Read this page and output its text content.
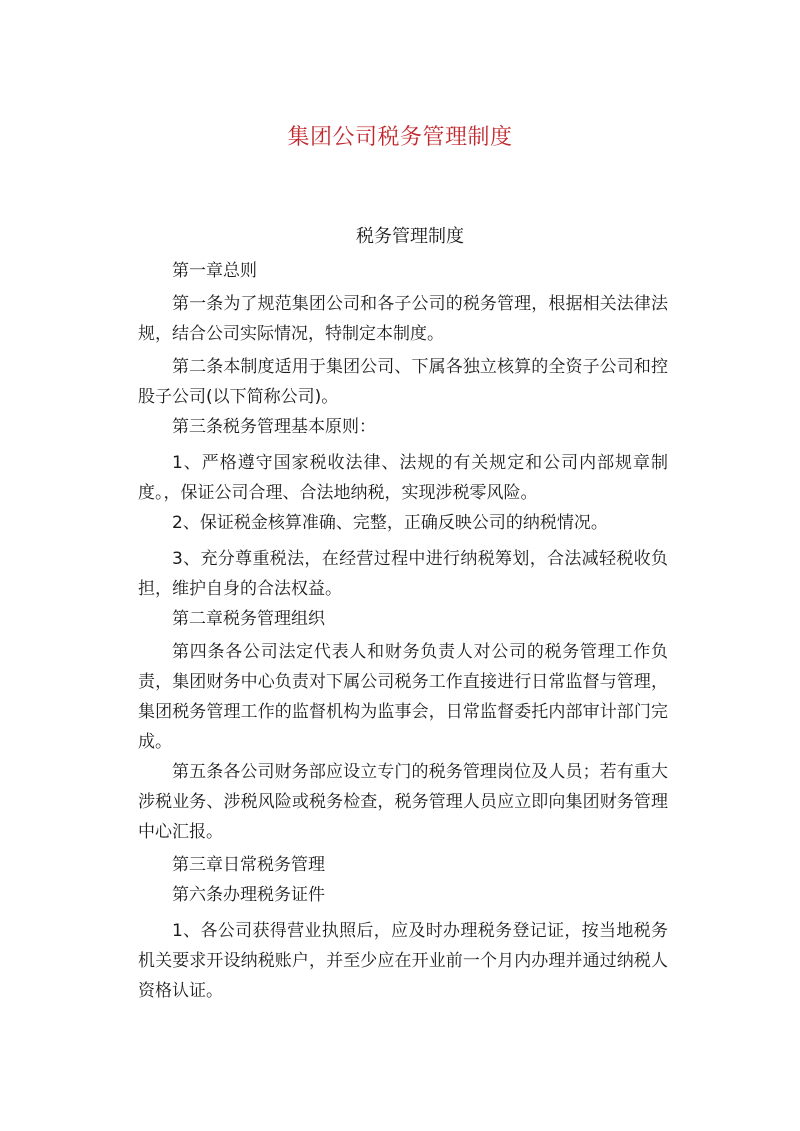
集团公司税务管理制度
税务管理制度

第一章总则

第一条为了规范集团公司和各子公司的税务管理，根据相关法律法规，结合公司实际情况，特制定本制度。

第二条本制度适用于集团公司、下属各独立核算的全资子公司和控股子公司(以下简称公司)。

第三条税务管理基本原则：

1、严格遵守国家税收法律、法规的有关规定和公司内部规章制度。，保证公司合理、合法地纳税，实现涉税零风险。

2、保证税金核算准确、完整，正确反映公司的纳税情况。

3、充分尊重税法，在经营过程中进行纳税筹划，合法减轻税收负担，维护自身的合法权益。

第二章税务管理组织

第四条各公司法定代表人和财务负责人对公司的税务管理工作负责，集团财务中心负责对下属公司税务工作直接进行日常监督与管理，集团税务管理工作的监督机构为监事会，日常监督委托内部审计部门完成。

第五条各公司财务部应设立专门的税务管理岗位及人员；若有重大涉税业务、涉税风险或税务检查，税务管理人员应立即向集团财务管理中心汇报。

第三章日常税务管理

第六条办理税务证件

1、各公司获得营业执照后，应及时办理税务登记证，按当地税务机关要求开设纳税账户，并至少应在开业前一个月内办理并通过纳税人资格认证。
